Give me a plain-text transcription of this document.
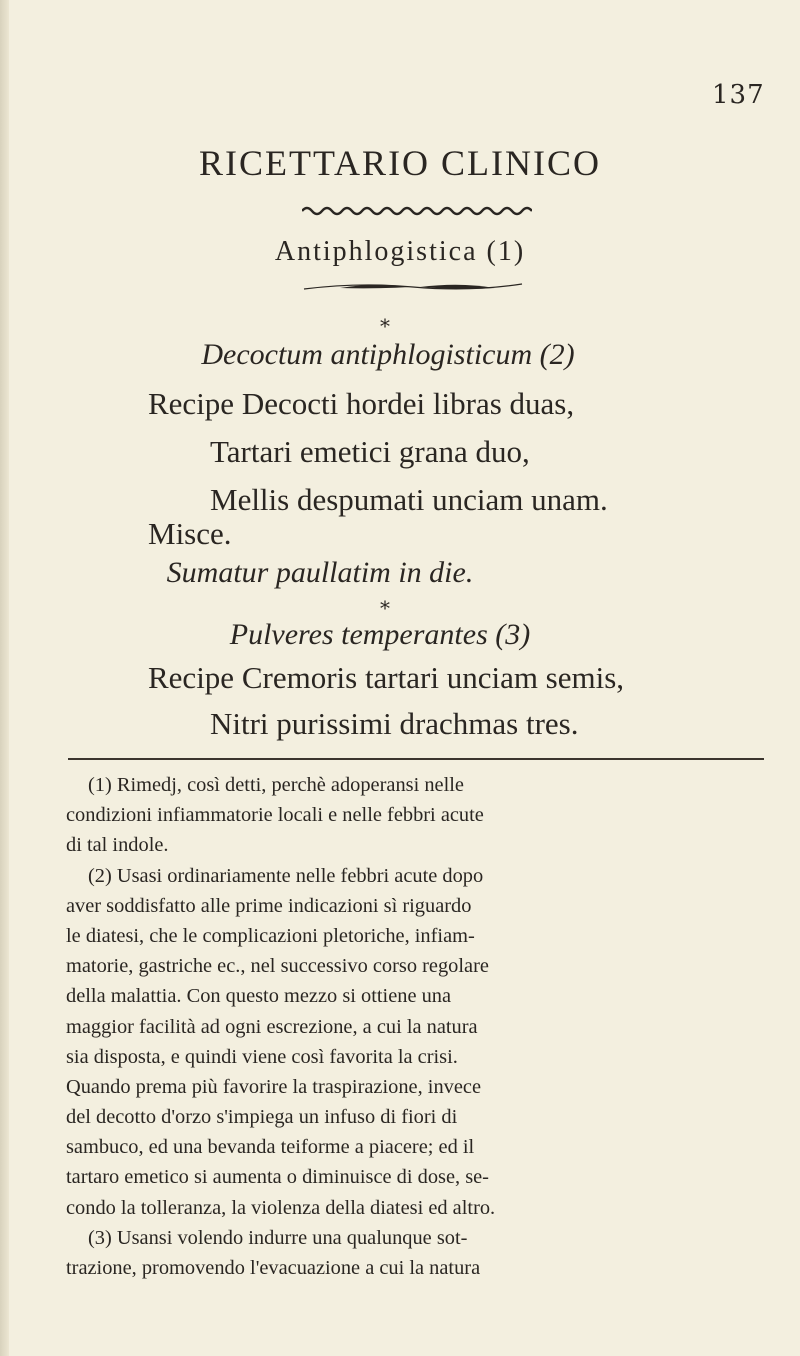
137
RICETTARIO CLINICO
Antiphlogistica (1)
*
Decoctum antiphlogisticum (2)
Recipe Decocti hordei libras duas,
Tartari emetici grana duo,
Mellis despumati unciam unam.
Misce.
Sumatur paullatim in die.
*
Pulveres temperantes (3)
Recipe Cremoris tartari unciam semis,
Nitri purissimi drachmas tres.
(1) Rimedj, così detti, perchè adoperansi nelle
condizioni infiammatorie locali e nelle febbri acute
di tal indole.
(2) Usasi ordinariamente nelle febbri acute dopo
aver soddisfatto alle prime indicazioni sì riguardo
le diatesi, che le complicazioni pletoriche, infiam-
matorie, gastriche ec., nel successivo corso regolare
della malattia. Con questo mezzo si ottiene una
maggior facilità ad ogni escrezione, a cui la natura
sia disposta, e quindi viene così favorita la crisi.
Quando prema più favorire la traspirazione, invece
del decotto d'orzo s'impiega un infuso di fiori di
sambuco, ed una bevanda teiforme a piacere; ed il
tartaro emetico si aumenta o diminuisce di dose, se-
condo la tolleranza, la violenza della diatesi ed altro.
(3) Usansi volendo indurre una qualunque sot-
trazione, promovendo l'evacuazione a cui la natura
